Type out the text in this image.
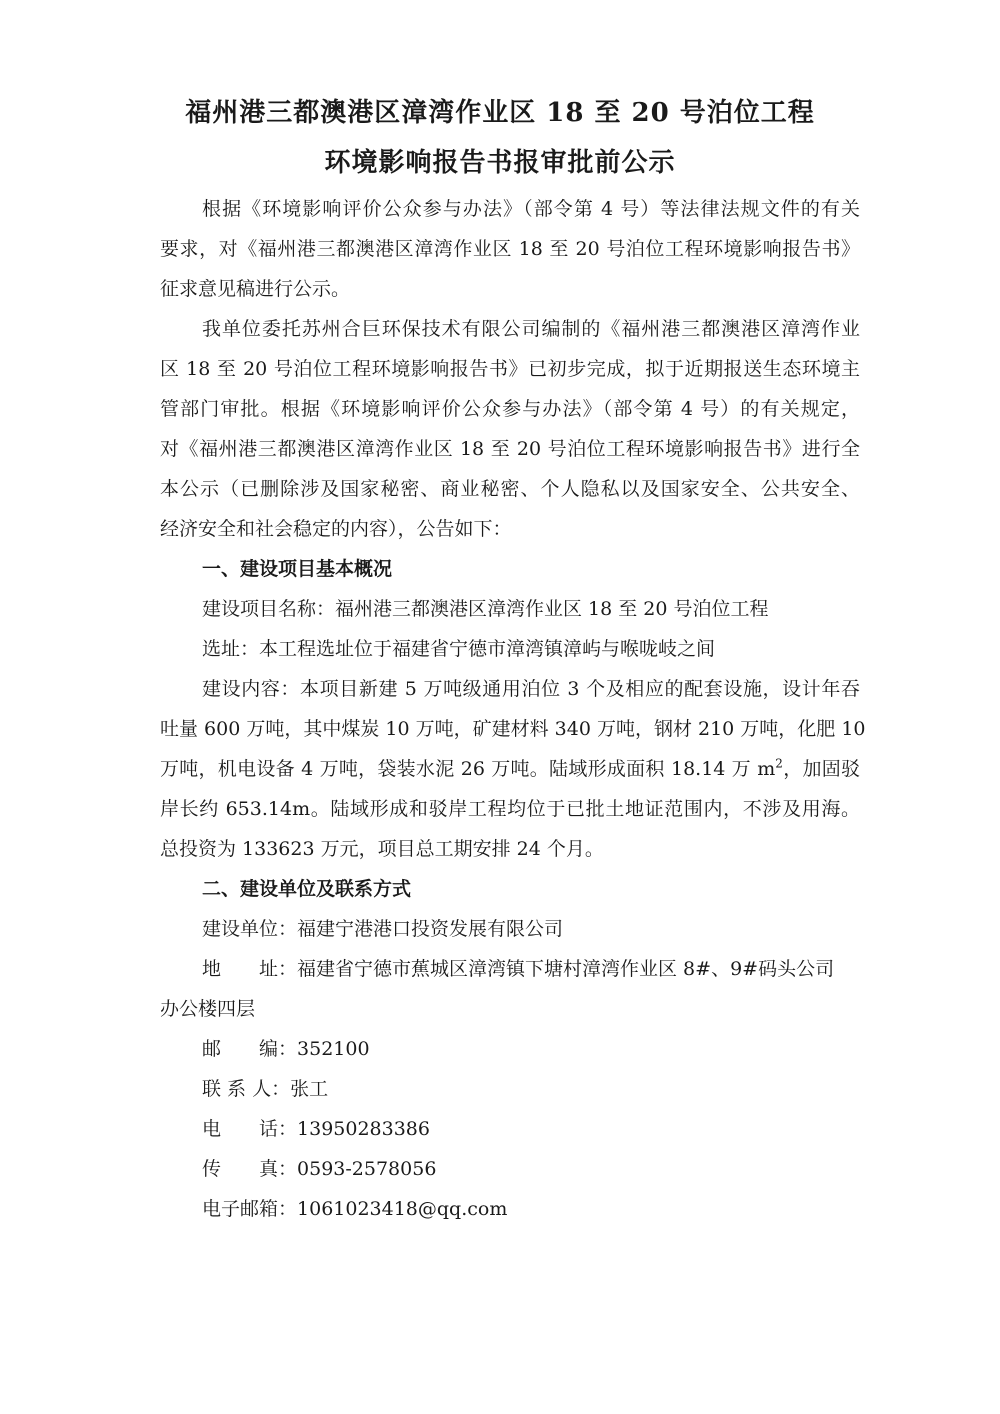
福州港三都澳港区漳湾作业区 18 至 20 号泊位工程
环境影响报告书报审批前公示
根据《环境影响评价公众参与办法》（部令第 4 号）等法律法规文件的有关
要求，对《福州港三都澳港区漳湾作业区 18 至 20 号泊位工程环境影响报告书》
征求意见稿进行公示。
我单位委托苏州合巨环保技术有限公司编制的《福州港三都澳港区漳湾作业
区 18 至 20 号泊位工程环境影响报告书》已初步完成，拟于近期报送生态环境主
管部门审批。根据《环境影响评价公众参与办法》（部令第 4 号）的有关规定，
对《福州港三都澳港区漳湾作业区 18 至 20 号泊位工程环境影响报告书》进行全
本公示（已删除涉及国家秘密、商业秘密、个人隐私以及国家安全、公共安全、
经济安全和社会稳定的内容），公告如下：
一、建设项目基本概况
建设项目名称：福州港三都澳港区漳湾作业区 18 至 20 号泊位工程
选址：本工程选址位于福建省宁德市漳湾镇漳屿与喉咙岐之间
建设内容：本项目新建 5 万吨级通用泊位 3 个及相应的配套设施，设计年吞
吐量 600 万吨，其中煤炭 10 万吨，矿建材料 340 万吨，钢材 210 万吨，化肥 10
万吨，机电设备 4 万吨，袋装水泥 26 万吨。陆域形成面积 18.14 万 $m^2$，加固驳
岸长约 653.14m。陆域形成和驳岸工程均位于已批土地证范围内，不涉及用海。
总投资为 133623 万元，项目总工期安排 24 个月。
二、建设单位及联系方式
建设单位：福建宁港港口投资发展有限公司
地　　址：福建省宁德市蕉城区漳湾镇下塘村漳湾作业区 8#、9#码头公司
办公楼四层
邮　　编：352100
联 系 人：张工
电　　话：13950283386
传　　真：0593-2578056
电子邮箱：1061023418@qq.com
